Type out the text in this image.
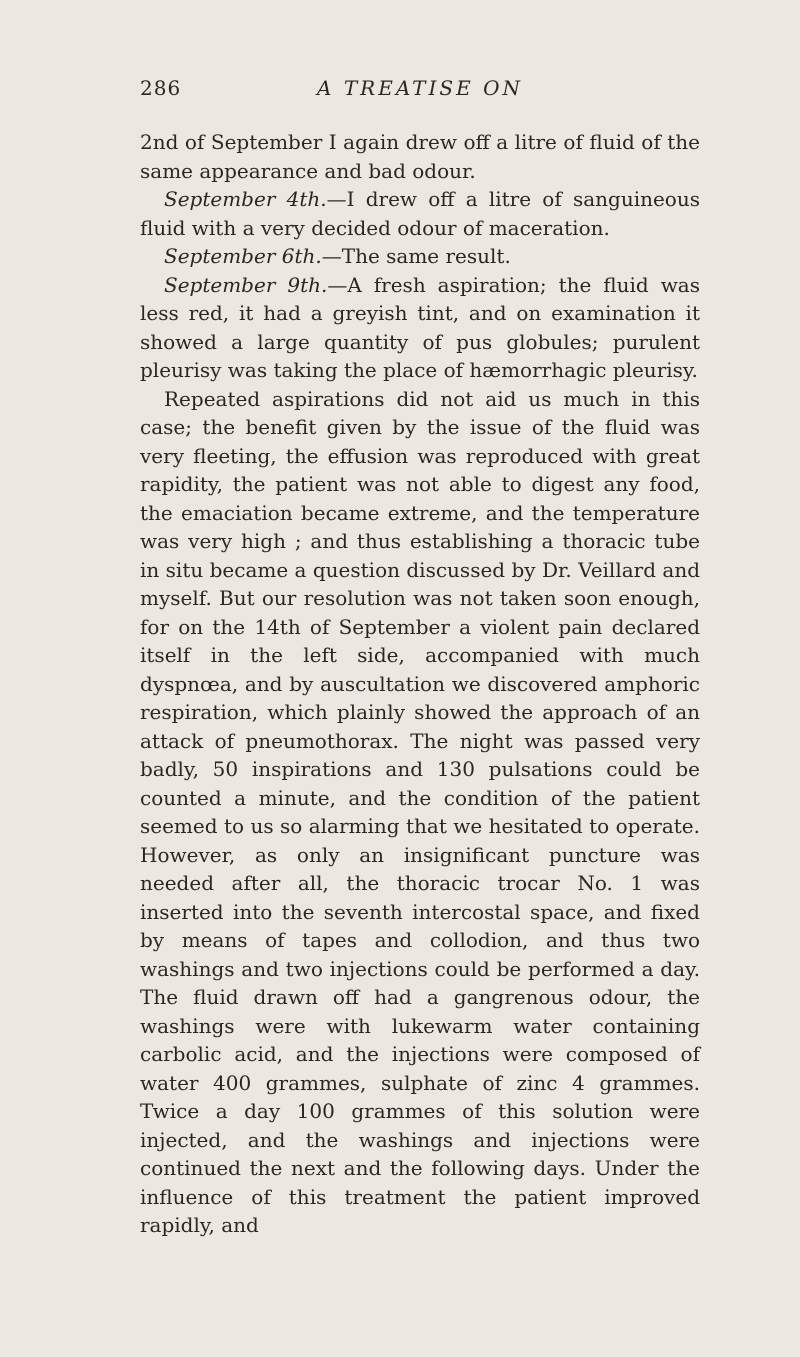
286	A TREATISE ON

2nd of September I again drew off a litre of fluid of the same appearance and bad odour.

September 4th.—I drew off a litre of sanguineous fluid with a very decided odour of maceration.

September 6th.—The same result.

September 9th.—A fresh aspiration; the fluid was less red, it had a greyish tint, and on examination it showed a large quantity of pus globules; purulent pleurisy was taking the place of hæmorrhagic pleurisy.

Repeated aspirations did not aid us much in this case; the benefit given by the issue of the fluid was very fleeting, the effusion was reproduced with great rapidity, the patient was not able to digest any food, the emaciation became extreme, and the temperature was very high ; and thus establishing a thoracic tube in situ became a question discussed by Dr. Veillard and myself. But our resolution was not taken soon enough, for on the 14th of September a violent pain declared itself in the left side, accompanied with much dyspnœa, and by auscultation we discovered amphoric respiration, which plainly showed the approach of an attack of pneumothorax. The night was passed very badly, 50 inspirations and 130 pulsations could be counted a minute, and the condition of the patient seemed to us so alarming that we hesitated to operate. However, as only an insignificant puncture was needed after all, the thoracic trocar No. 1 was inserted into the seventh intercostal space, and fixed by means of tapes and collodion, and thus two washings and two injections could be performed a day. The fluid drawn off had a gangrenous odour, the washings were with lukewarm water containing carbolic acid, and the injections were composed of water 400 grammes, sulphate of zinc 4 grammes. Twice a day 100 grammes of this solution were injected, and the washings and injections were continued the next and the following days. Under the influence of this treatment the patient improved rapidly, and
